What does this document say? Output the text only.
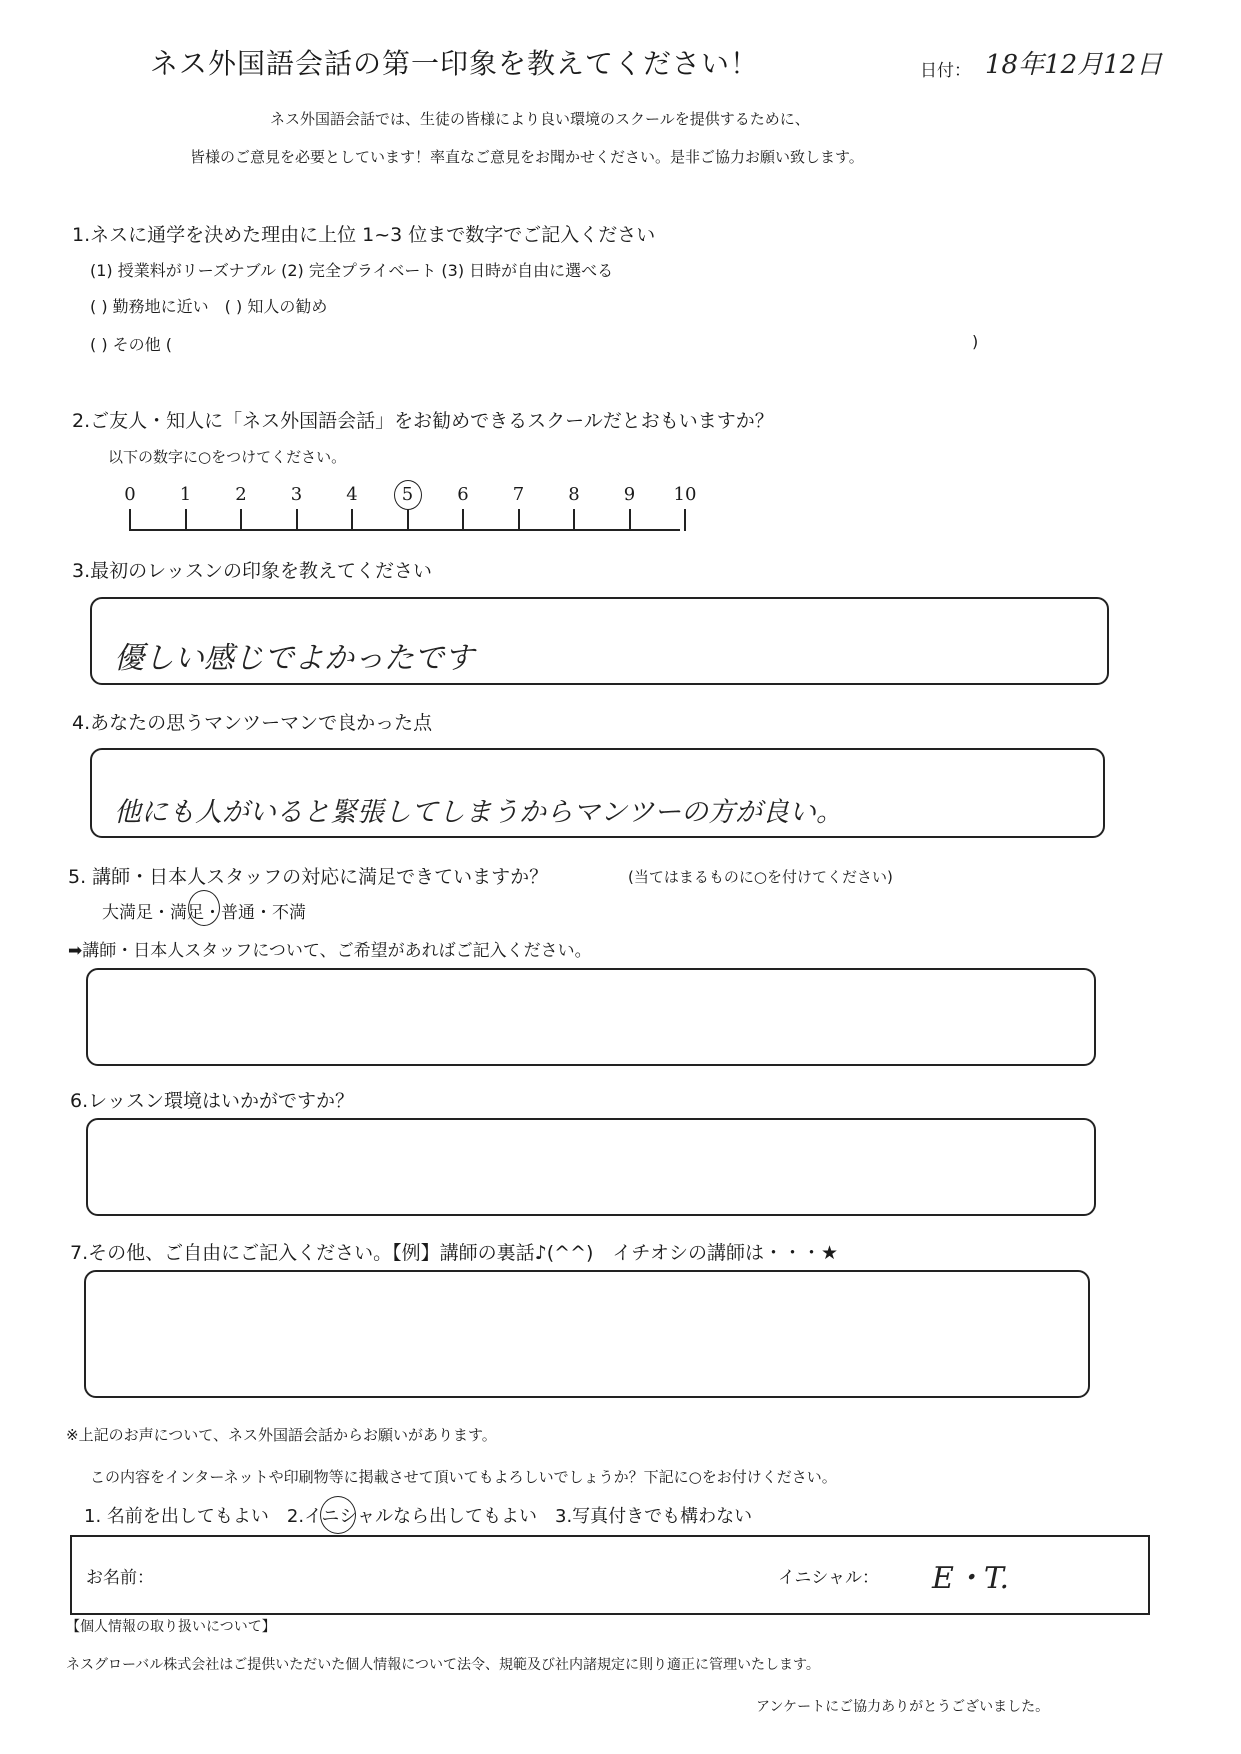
ネス外国語会話の第一印象を教えてください！	日付： 18年12月12日
ネス外国語会話では、生徒の皆様により良い環境のスクールを提供するために、
皆様のご意見を必要としています！率直なご意見をお聞かせください。是非ご協力お願い致します。
1.ネスに通学を決めた理由に上位 1~3 位まで数字でご記入ください
(1) 授業料がリーズナブル (2) 完全プライベート (3) 日時が自由に選べる
( ) 勤務地に近い　( ) 知人の勧め
( ) その他 (	)
2.ご友人・知人に「ネス外国語会話」をお勧めできるスクールだとおもいますか？
以下の数字に○をつけてください。
0 1 2 3 4 5 6 7 8 9 10
3.最初のレッスンの印象を教えてください
優しい感じでよかったです
4.あなたの思うマンツーマンで良かった点
他にも人がいると緊張してしまうからマンツーの方が良い。
5. 講師・日本人スタッフの対応に満足できていますか？	(当てはまるものに○を付けてください)
大満足・満足・普通・不満
➡講師・日本人スタッフについて、ご希望があればご記入ください。
6.レッスン環境はいかがですか？
7.その他、ご自由にご記入ください。【例】講師の裏話♪(^^)　イチオシの講師は・・・★
※上記のお声について、ネス外国語会話からお願いがあります。
この内容をインターネットや印刷物等に掲載させて頂いてもよろしいでしょうか？下記に○をお付けください。
1. 名前を出してもよい　2.イニシャルなら出してもよい　3.写真付きでも構わない
お名前：	イニシャル： E・T.
【個人情報の取り扱いについて】
ネスグローバル株式会社はご提供いただいた個人情報について法令、規範及び社内諸規定に則り適正に管理いたします。
アンケートにご協力ありがとうございました。
